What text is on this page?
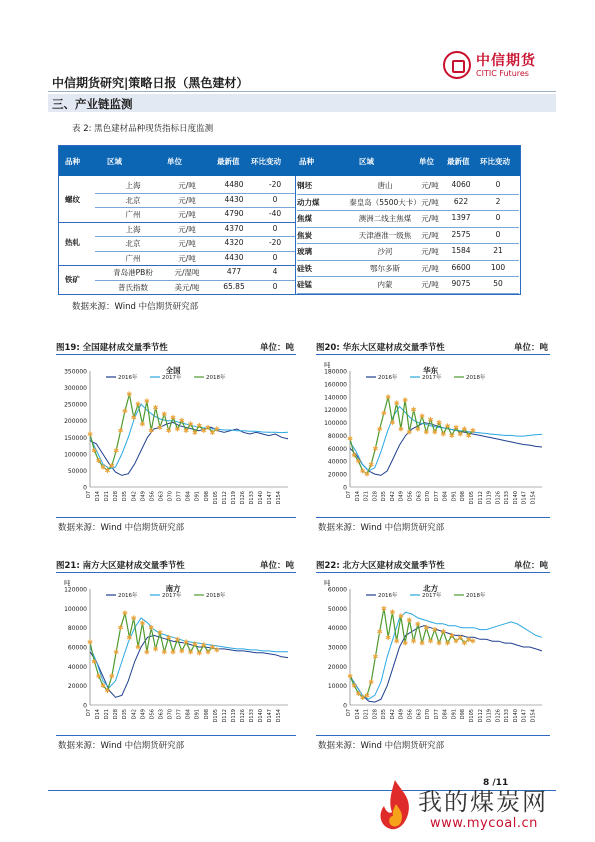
中信期货研究|策略日报（黑色建材）
中信期货
CITIC Futures
三、产业链监测
表 2: 黑色建材品种现货指标日度监测
品种	区域	单位	最新值 环比变动 品种	区域	单位 最新值 环比变动
螺纹
上海	元/吨	4480	-20
北京	元/吨	4430	0
广州	元/吨	4790	-40
热轧
上海	元/吨	4370	0
北京	元/吨	4320	-20
广州	元/吨	4430	0
铁矿
青岛港PB粉	元/湿吨	477	4
普氏指数	美元/吨	65.85	0
钢坯	唐山	元/吨	4060	0
动力煤	秦皇岛（5500大卡） 元/吨	622	2
焦煤	澳洲二线主焦煤	元/吨	1397	0
焦炭	天津港准一级焦	元/吨	2575	0
玻璃	沙河	元/吨	1584	21
硅铁	鄂尔多斯	元/吨	6600	100
硅锰	内蒙	元/吨	9075	50
数据来源：Wind 中信期货研究部
图19: 全国建材成交量季节性	单位：吨
0
50000
100000
150000
200000
250000
300000
350000
D7 D14 D21 D28 D35 D42 D49 D56 D63 D70 D77 D84 D91 D98 D105 D112 D119 D126 D133 D140 D147 D154
全国
2016年	2017年
✱
✱
✱
✱
✱
✱
✱
✱
✱
✱
✱
✱
✱
✱
✱
✱
✱
✱
✱
✱
✱
✱
✱
✱
✱
✱
✱
✱
✱
✱
2018年
数据来源：Wind 中信期货研究部
图20: 华东大区建材成交量季节性	单位：吨
0
20000
40000
60000
80000
100000
120000
140000
160000
180000
D7 D14 D21 D28 D35 D42 D49 D56 D63 D70 D77 D84 D91 D98 D105 D112 D119 D126 D133 D140 D147 D154
吨
华东
2016年	2017年
✱
✱
✱
✱
✱
✱
✱
✱
✱
✱
✱
✱
✱
✱
✱
✱
✱
✱
✱
✱
✱
✱
✱
✱
✱
✱
✱
✱
✱
✱
2018年
数据来源：Wind 中信期货研究部
图21: 南方大区建材成交量季节性	单位：吨
0
20000
40000
60000
80000
100000
120000
D7 D14 D21 D28 D35 D42 D49 D56 D63 D70 D77 D84 D91 D98 D105 D112 D119 D126 D133 D140 D147 D154
吨
南方
2016年	2017年
✱
✱
✱
✱
✱
✱
✱
✱
✱
✱
✱
✱
✱
✱
✱
✱
✱
✱
✱
✱
✱
✱
✱
✱
✱
✱
✱
✱
✱
✱
2018年
数据来源：Wind 中信期货研究部
图22: 北方大区建材成交量季节性	单位：吨
0
10000
20000
30000
40000
50000
60000
D7 D14 D21 D28 D35 D42 D49 D56 D63 D70 D77 D84 D91 D98 D105 D112 D119 D126 D133 D140 D147 D154
吨
北方
2016年	2017年
✱
✱
✱
✱
✱
✱
✱
✱
✱
✱
✱
✱
✱
✱
✱
✱
✱
✱
✱
✱
✱
✱
✱
✱
✱
✱
✱
✱
✱
✱
2018年
数据来源：Wind 中信期货研究部
8 /11
我的煤炭网
www.mycoal.cn
